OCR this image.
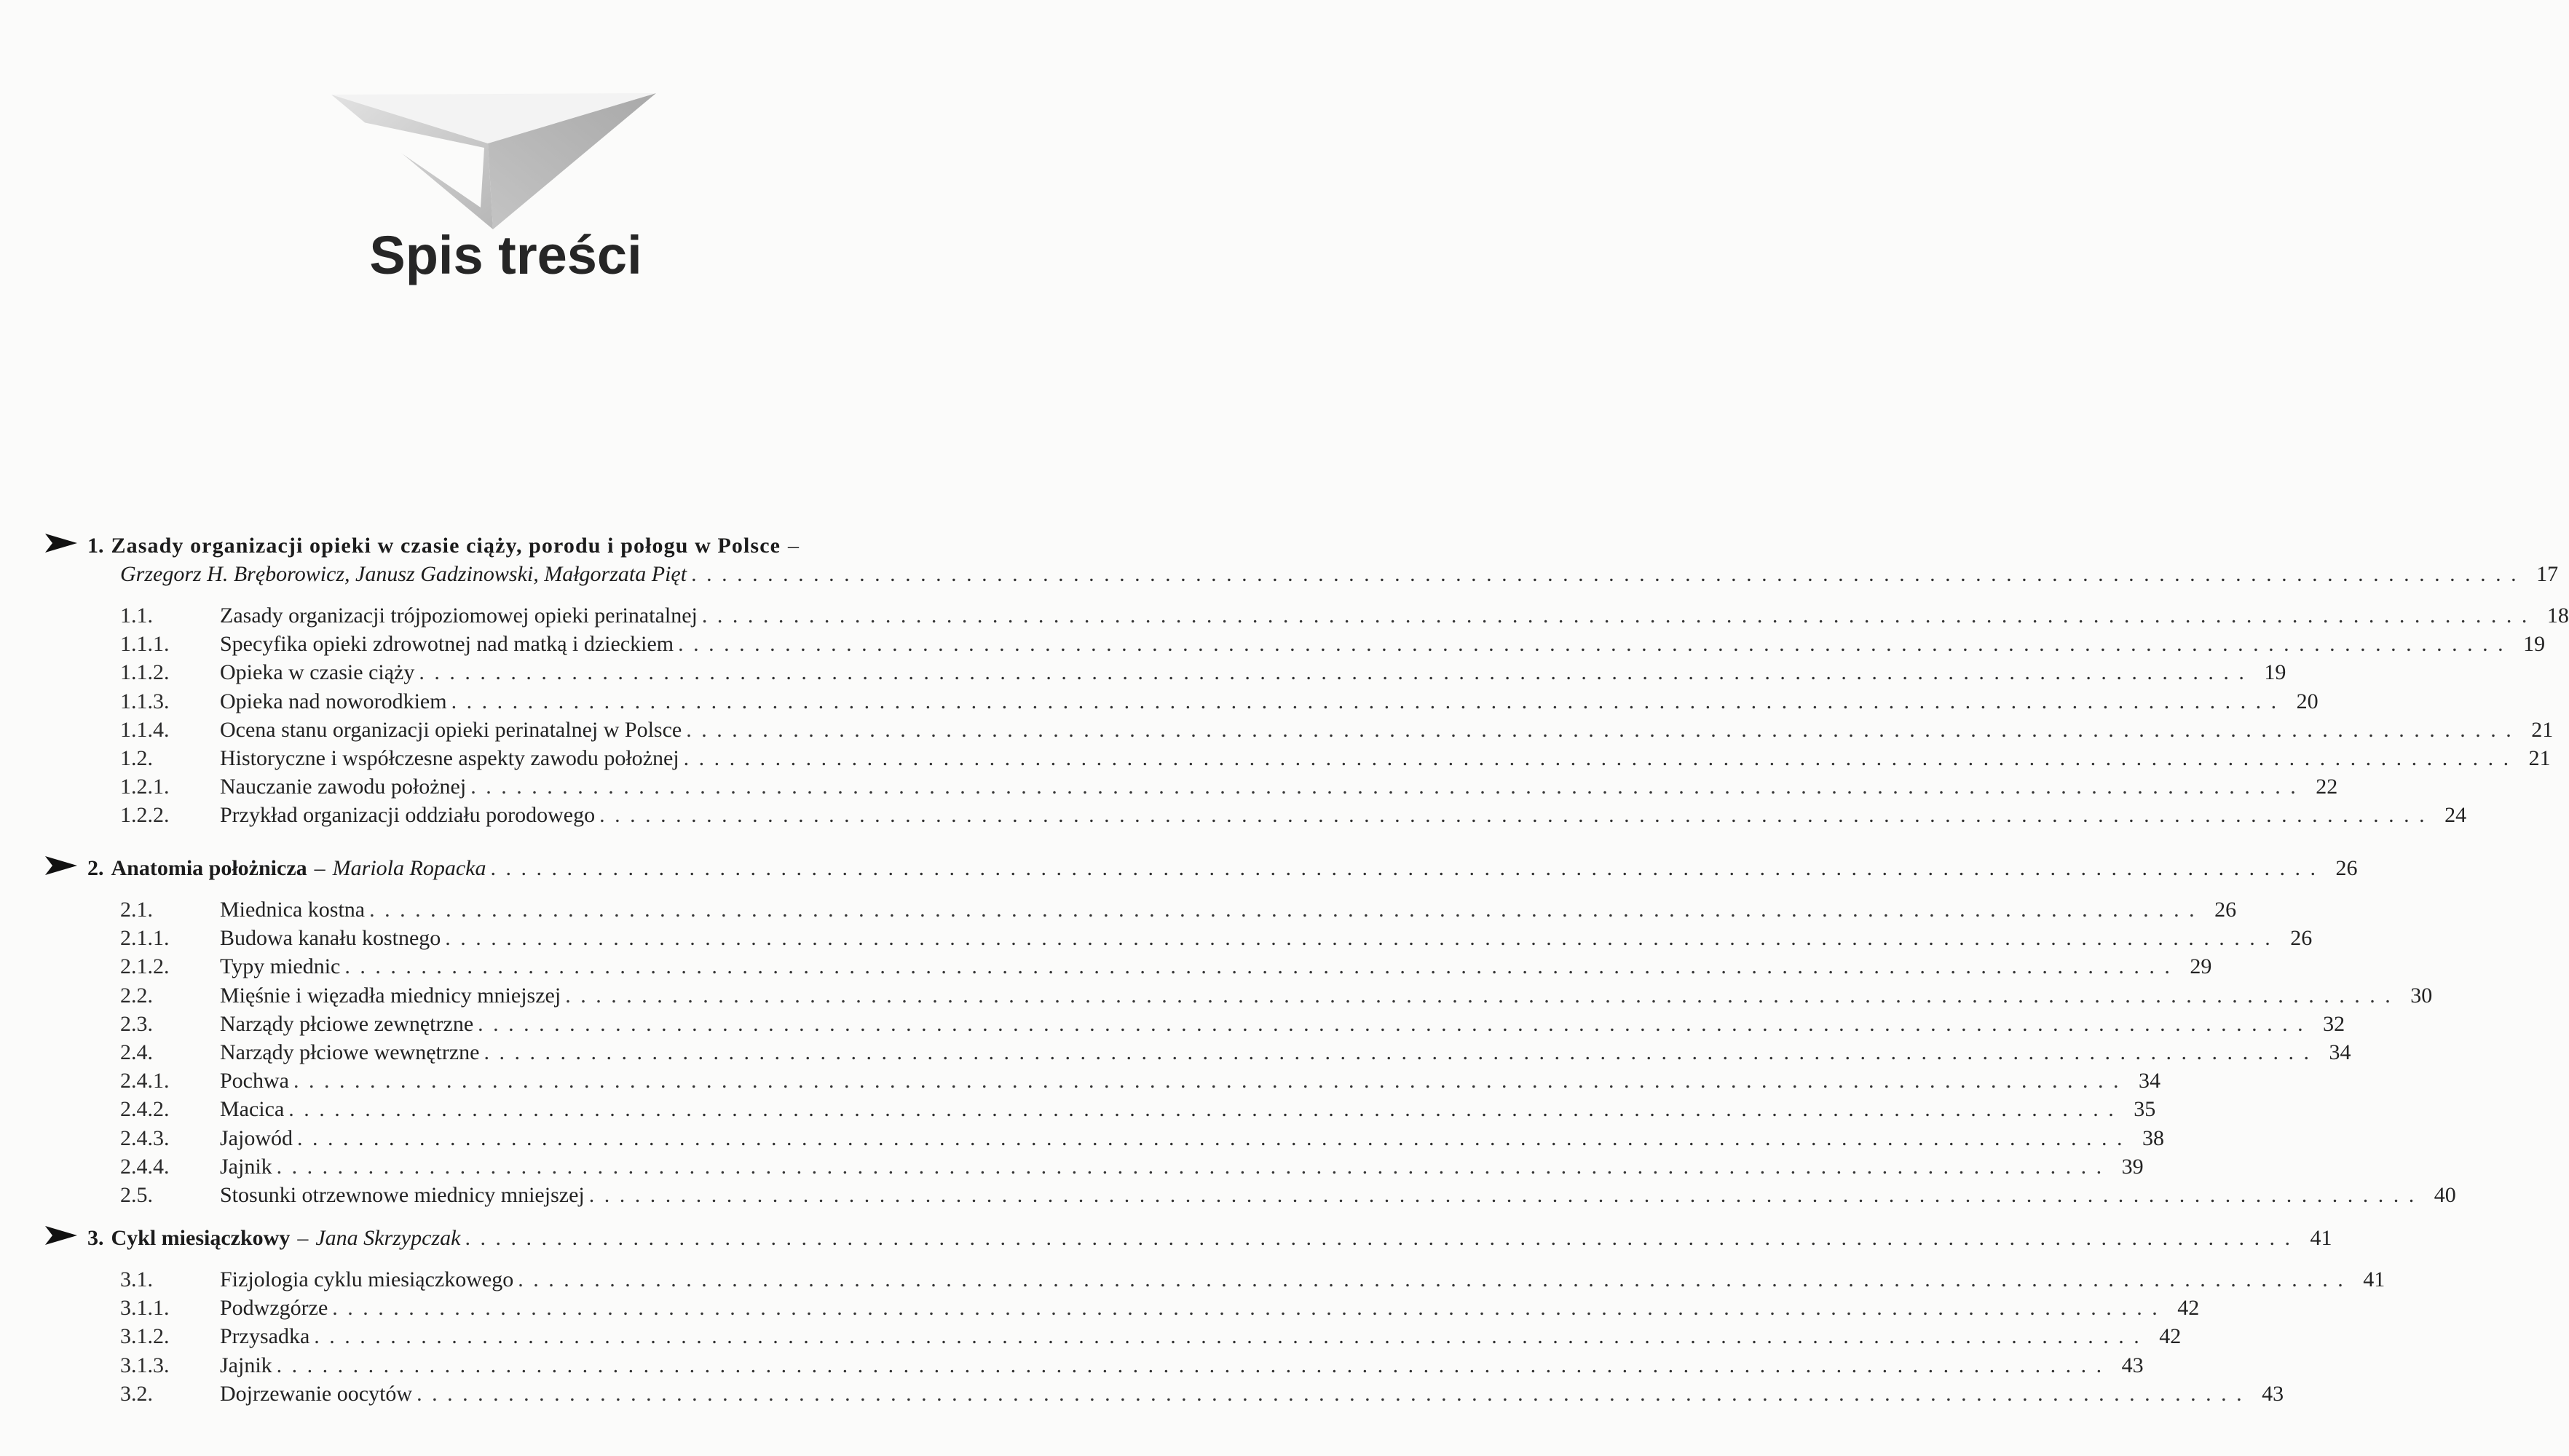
Spis treści
1. Zasady organizacji opieki w czasie ciąży, porodu i połogu w Polsce –
Grzegorz H. Bręborowicz, Janusz Gadzinowski, Małgorzata Pięt ........................................................................................................................ 17
1.1.	Zasady organizacji trójpoziomowej opieki perinatalnej ........................................................................................................................ 18
1.1.1.	Specyfika opieki zdrowotnej nad matką i dzieckiem ........................................................................................................................ 19
1.1.2.	Opieka w czasie ciąży ........................................................................................................................ 19
1.1.3.	Opieka nad noworodkiem ........................................................................................................................ 20
1.1.4.	Ocena stanu organizacji opieki perinatalnej w Polsce ........................................................................................................................ 21
1.2.	Historyczne i współczesne aspekty zawodu położnej ........................................................................................................................ 21
1.2.1.	Nauczanie zawodu położnej ........................................................................................................................ 22
1.2.2.	Przykład organizacji oddziału porodowego ........................................................................................................................ 24
2. Anatomia położnicza – Mariola Ropacka ........................................................................................................................ 26
2.1.	Miednica kostna ........................................................................................................................ 26
2.1.1.	Budowa kanału kostnego ........................................................................................................................ 26
2.1.2.	Typy miednic ........................................................................................................................ 29
2.2.	Mięśnie i więzadła miednicy mniejszej ........................................................................................................................ 30
2.3.	Narządy płciowe zewnętrzne ........................................................................................................................ 32
2.4.	Narządy płciowe wewnętrzne ........................................................................................................................ 34
2.4.1.	Pochwa ........................................................................................................................ 34
2.4.2.	Macica ........................................................................................................................ 35
2.4.3.	Jajowód ........................................................................................................................ 38
2.4.4.	Jajnik ........................................................................................................................ 39
2.5.	Stosunki otrzewnowe miednicy mniejszej ........................................................................................................................ 40
3. Cykl miesiączkowy – Jana Skrzypczak ........................................................................................................................ 41
3.1.	Fizjologia cyklu miesiączkowego ........................................................................................................................ 41
3.1.1.	Podwzgórze ........................................................................................................................ 42
3.1.2.	Przysadka ........................................................................................................................ 42
3.1.3.	Jajnik ........................................................................................................................ 43
3.2.	Dojrzewanie oocytów ........................................................................................................................ 43
